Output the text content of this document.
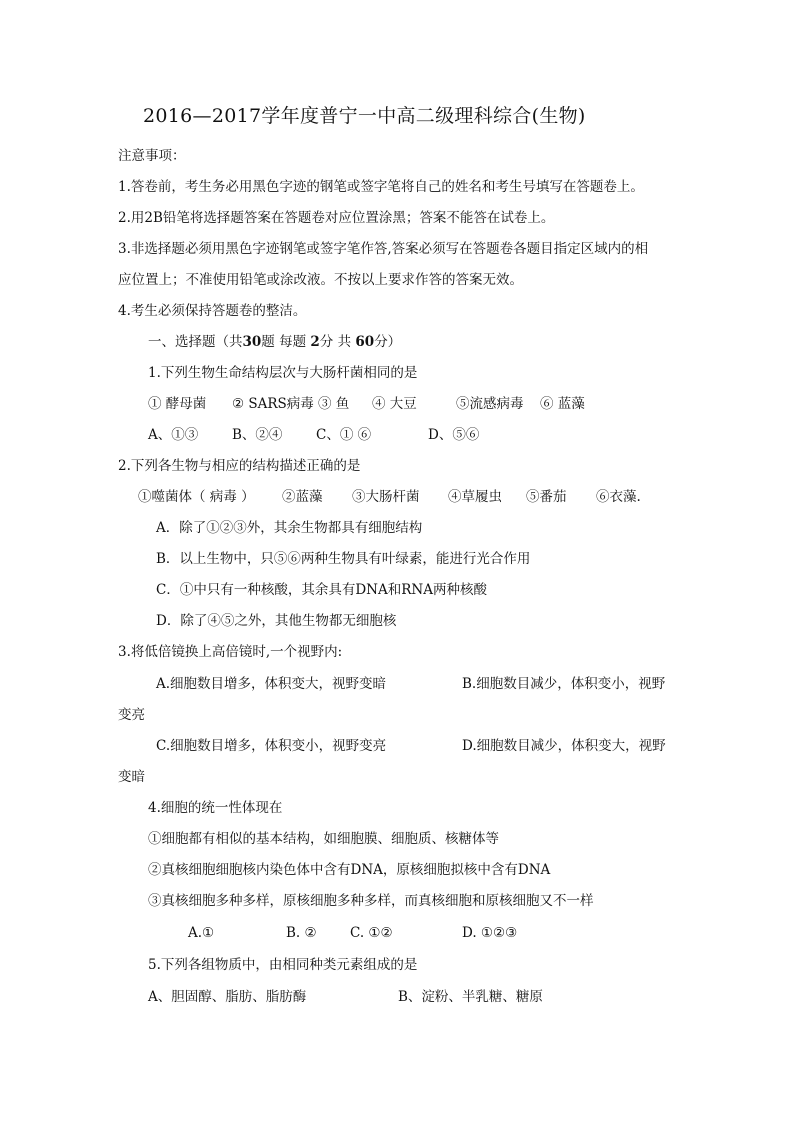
2016—2017学年度普宁一中高二级理科综合(生物)
注意事项：
1.答卷前，考生务必用黑色字迹的钢笔或签字笔将自己的姓名和考生号填写在答题卷上。
2.用2B铅笔将选择题答案在答题卷对应位置涂黑；答案不能答在试卷上。
3.非选择题必须用黑色字迹钢笔或签字笔作答,答案必须写在答题卷各题目指定区域内的相
应位置上；不准使用铅笔或涂改液。不按以上要求作答的答案无效。
4.考生必须保持答题卷的整洁。
一、选择题（共30题 每题 2分 共 60分）
1.下列生物生命结构层次与大肠杆菌相同的是
① 酵母菌 ② SARS病毒 ③ 鱼 ④ 大豆	⑤流感病毒 ⑥ 蓝藻
A、①③	B、②④ C、① ⑥	D、⑤⑥
2.下列各生物与相应的结构描述正确的是
①噬菌体（ 病毒 ） ②蓝藻 ③大肠杆菌 ④草履虫 ⑤番茄 ⑥衣藻.
A．除了①②③外，其余生物都具有细胞结构
B．以上生物中，只⑤⑥两种生物具有叶绿素，能进行光合作用
C．①中只有一种核酸，其余具有DNA和RNA两种核酸
D．除了④⑤之外，其他生物都无细胞核
3.将低倍镜换上高倍镜时,一个视野内:
A.细胞数目增多，体积变大，视野变暗	B.细胞数目减少，体积变小，视野
变亮
C.细胞数目增多，体积变小，视野变亮	D.细胞数目减少，体积变大，视野
变暗
4.细胞的统一性体现在
①细胞都有相似的基本结构，如细胞膜、细胞质、核糖体等
②真核细胞细胞核内染色体中含有DNA，原核细胞拟核中含有DNA
③真核细胞多种多样，原核细胞多种多样，而真核细胞和原核细胞又不一样
A.①	B. ② C. ①②	D. ①②③
5.下列各组物质中，由相同种类元素组成的是
A、胆固醇、脂肪、脂肪酶	B、淀粉、半乳糖、糖原
